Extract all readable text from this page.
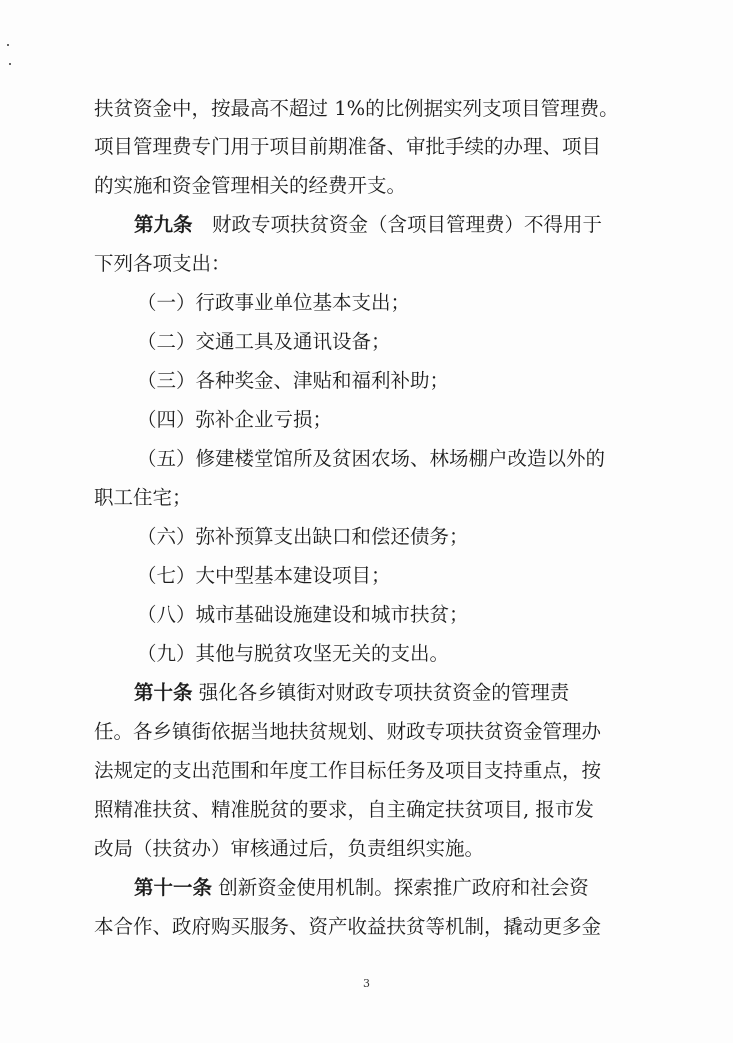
扶贫资金中，按最高不超过 1%的比例据实列支项目管理费。
项目管理费专门用于项目前期准备、审批手续的办理、项目
的实施和资金管理相关的经费开支。
第九条　财政专项扶贫资金（含项目管理费）不得用于
下列各项支出：
（一）行政事业单位基本支出；
（二）交通工具及通讯设备；
（三）各种奖金、津贴和福利补助；
（四）弥补企业亏损；
（五）修建楼堂馆所及贫困农场、林场棚户改造以外的
职工住宅；
（六）弥补预算支出缺口和偿还债务；
（七）大中型基本建设项目；
（八）城市基础设施建设和城市扶贫；
（九）其他与脱贫攻坚无关的支出。
第十条 强化各乡镇街对财政专项扶贫资金的管理责
任。各乡镇街依据当地扶贫规划、财政专项扶贫资金管理办
法规定的支出范围和年度工作目标任务及项目支持重点，按
照精准扶贫、精准脱贫的要求，自主确定扶贫项目, 报市发
改局（扶贫办）审核通过后，负责组织实施。
第十一条 创新资金使用机制。探索推广政府和社会资
本合作、政府购买服务、资产收益扶贫等机制，撬动更多金
3
